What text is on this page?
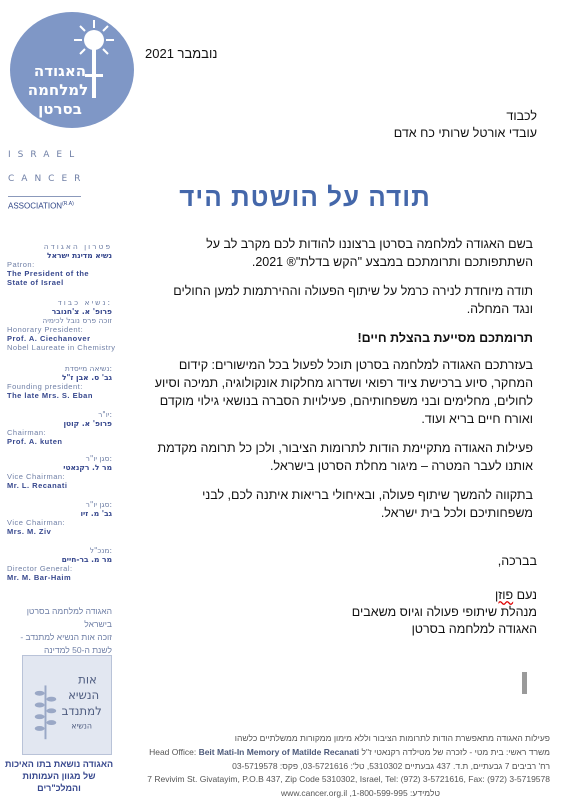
האגודה
למלחמה
בסרטן
ISRAEL
CANCER
$ASSOCIATION^{(R.A)}$
פטרון האגודה
נשיא מדינת ישראל
Patron:
The President of the
State of Israel
נשיא כבוד:
פרופ' א. צ'חנובר
זוכה פרס נובל לכימיה
Honorary President:
Prof. A. Ciechanover
Nobel Laureate in Chemistry
נשיאה מייסדת:
גב' ס. אבן ז"ל
Founding president:
The late Mrs. S. Eban
יו"ר:
פרופ' א. קוטן
Chairman:
Prof. A. kuten
סגן יו"ר:
מר ל. רקנאטי
Vice Chairman:
Mr. L. Recanati
סגן יו"ר:
גב' מ. זיו
Vice Chairman:
Mrs. M. Ziv
מנכ"ל:
מר מ. בר-חיים
Director General:
Mr. M. Bar-Haim
האגודה למלחמה בסרטן בישראל
- זוכה אות הנשיא למתנדב
לשנת ה-50 למדינה
אות
הנשיא
למתנדב
הנשיא
האגודה נושאת בתו האיכות
של מגוון העמותות והמלכ"רים
נובמבר 2021
לכבוד
עובדי אורטל שרותי כח אדם
תודה על הושטת היד

בשם האגודה למלחמה בסרטן ברצוננו להודות לכם מקרב לב על השתתפותכם ותרומתכם במבצע "הקש בדלת"® 2021.

תודה מיוחדת לנירה כרמל על שיתוף הפעולה וההירתמות למען החולים ונגד המחלה.

תרומתכם מסייעת בהצלת חיים!

בעזרתכם האגודה למלחמה בסרטן תוכל לפעול בכל המישורים: קידום המחקר, סיוע ברכישת ציוד רפואי ושדרוג מחלקות אונקולוגיה, תמיכה וסיוע לחולים, מחלימים ובני משפחותיהם, פעילויות הסברה בנושאי גילוי מוקדם ואורח חיים בריא ועוד.

פעילות האגודה מתקיימת הודות לתרומות הציבור, ולכן כל תרומה מקדמת אותנו לעבר המטרה – מיגור מחלת הסרטן בישראל.

בתקווה להמשך שיתוף פעולה, ובאיחולי בריאות איתנה לכם, לבני משפחותיכם ולכל בית ישראל.

בברכה,
נעם פוזן
מנהלת שיתופי פעולה וגיוס משאבים
האגודה למלחמה בסרטן
פעילות האגודה מתאפשרת הודות לתרומות הציבור וללא מימון ממקורות ממשלתיים כלשהו
Head Office: Beit Mati-In Memory of Matilde Recanati משרד ראשי: בית מטי - לזכרה של מטילדה רקנאטי ז"ל
רח' רביבים 7 גבעתיים, ת.ד. 437 גבעתיים 5310302, טל': 03-5721616, פקס: 03-5719578
7 Revivim St. Givatayim, P.O.B 437, Zip Code 5310302, Israel, Tel: (972) 3-5721616, Fax: (972) 3-5719578
www.cancer.org.il ,1-800-599-995 :טלמידע
